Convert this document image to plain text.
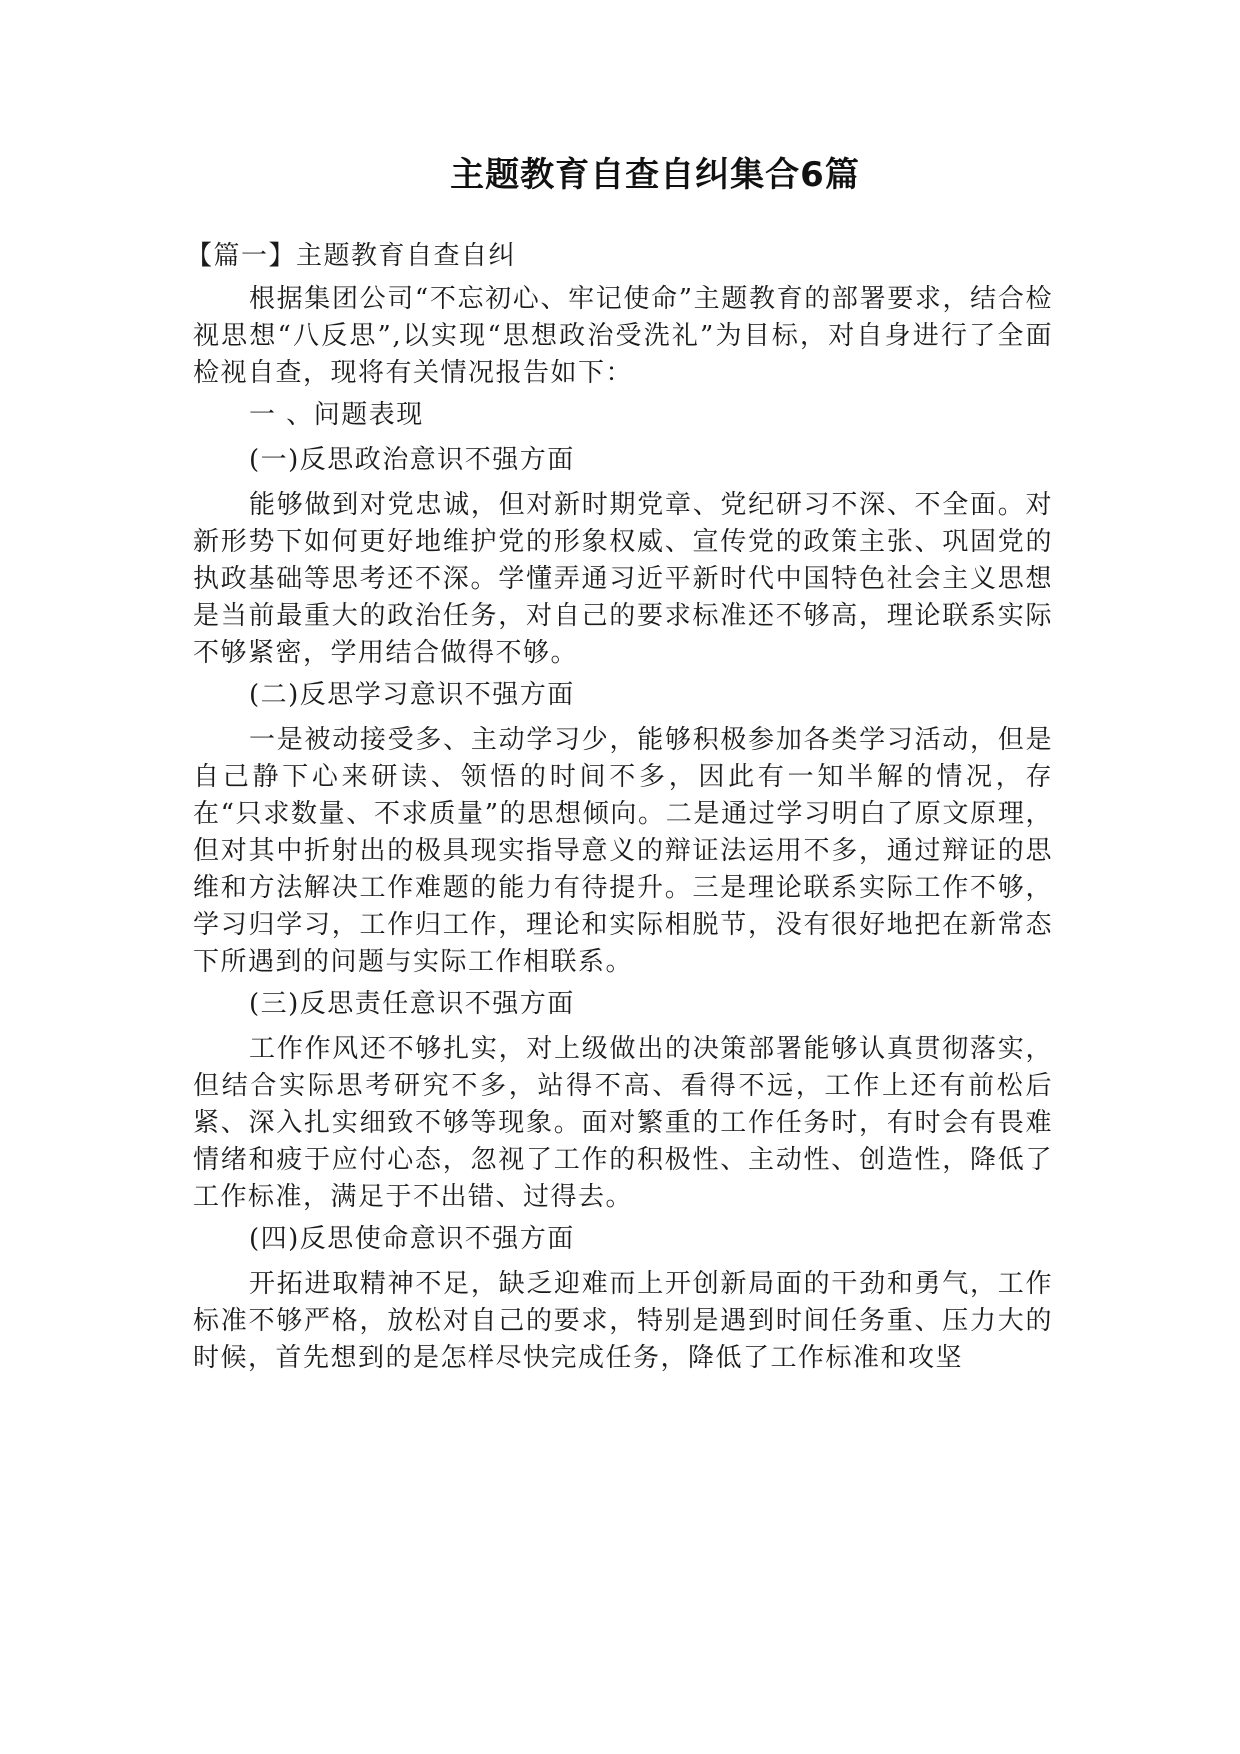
主题教育自查自纠集合6篇

【篇一】主题教育自查自纠

根据集团公司“不忘初心、牢记使命”主题教育的部署要求，结合检视思想“八反思”,以实现“思想政治受洗礼”为目标，对自身进行了全面检视自查，现将有关情况报告如下：

一 、问题表现

(一)反思政治意识不强方面

能够做到对党忠诚，但对新时期党章、党纪研习不深、不全面。对新形势下如何更好地维护党的形象权威、宣传党的政策主张、巩固党的执政基础等思考还不深。学懂弄通习近平新时代中国特色社会主义思想是当前最重大的政治任务，对自己的要求标准还不够高，理论联系实际不够紧密，学用结合做得不够。

(二)反思学习意识不强方面

一是被动接受多、主动学习少，能够积极参加各类学习活动，但是自己静下心来研读、领悟的时间不多，因此有一知半解的情况，存在“只求数量、不求质量”的思想倾向。二是通过学习明白了原文原理，但对其中折射出的极具现实指导意义的辩证法运用不多，通过辩证的思维和方法解决工作难题的能力有待提升。三是理论联系实际工作不够，学习归学习，工作归工作，理论和实际相脱节，没有很好地把在新常态下所遇到的问题与实际工作相联系。

(三)反思责任意识不强方面

工作作风还不够扎实，对上级做出的决策部署能够认真贯彻落实，但结合实际思考研究不多，站得不高、看得不远，工作上还有前松后紧、深入扎实细致不够等现象。面对繁重的工作任务时，有时会有畏难情绪和疲于应付心态，忽视了工作的积极性、主动性、创造性，降低了工作标准，满足于不出错、过得去。

(四)反思使命意识不强方面

开拓进取精神不足，缺乏迎难而上开创新局面的干劲和勇气，工作标准不够严格，放松对自己的要求，特别是遇到时间任务重、压力大的时候，首先想到的是怎样尽快完成任务，降低了工作标准和攻坚
